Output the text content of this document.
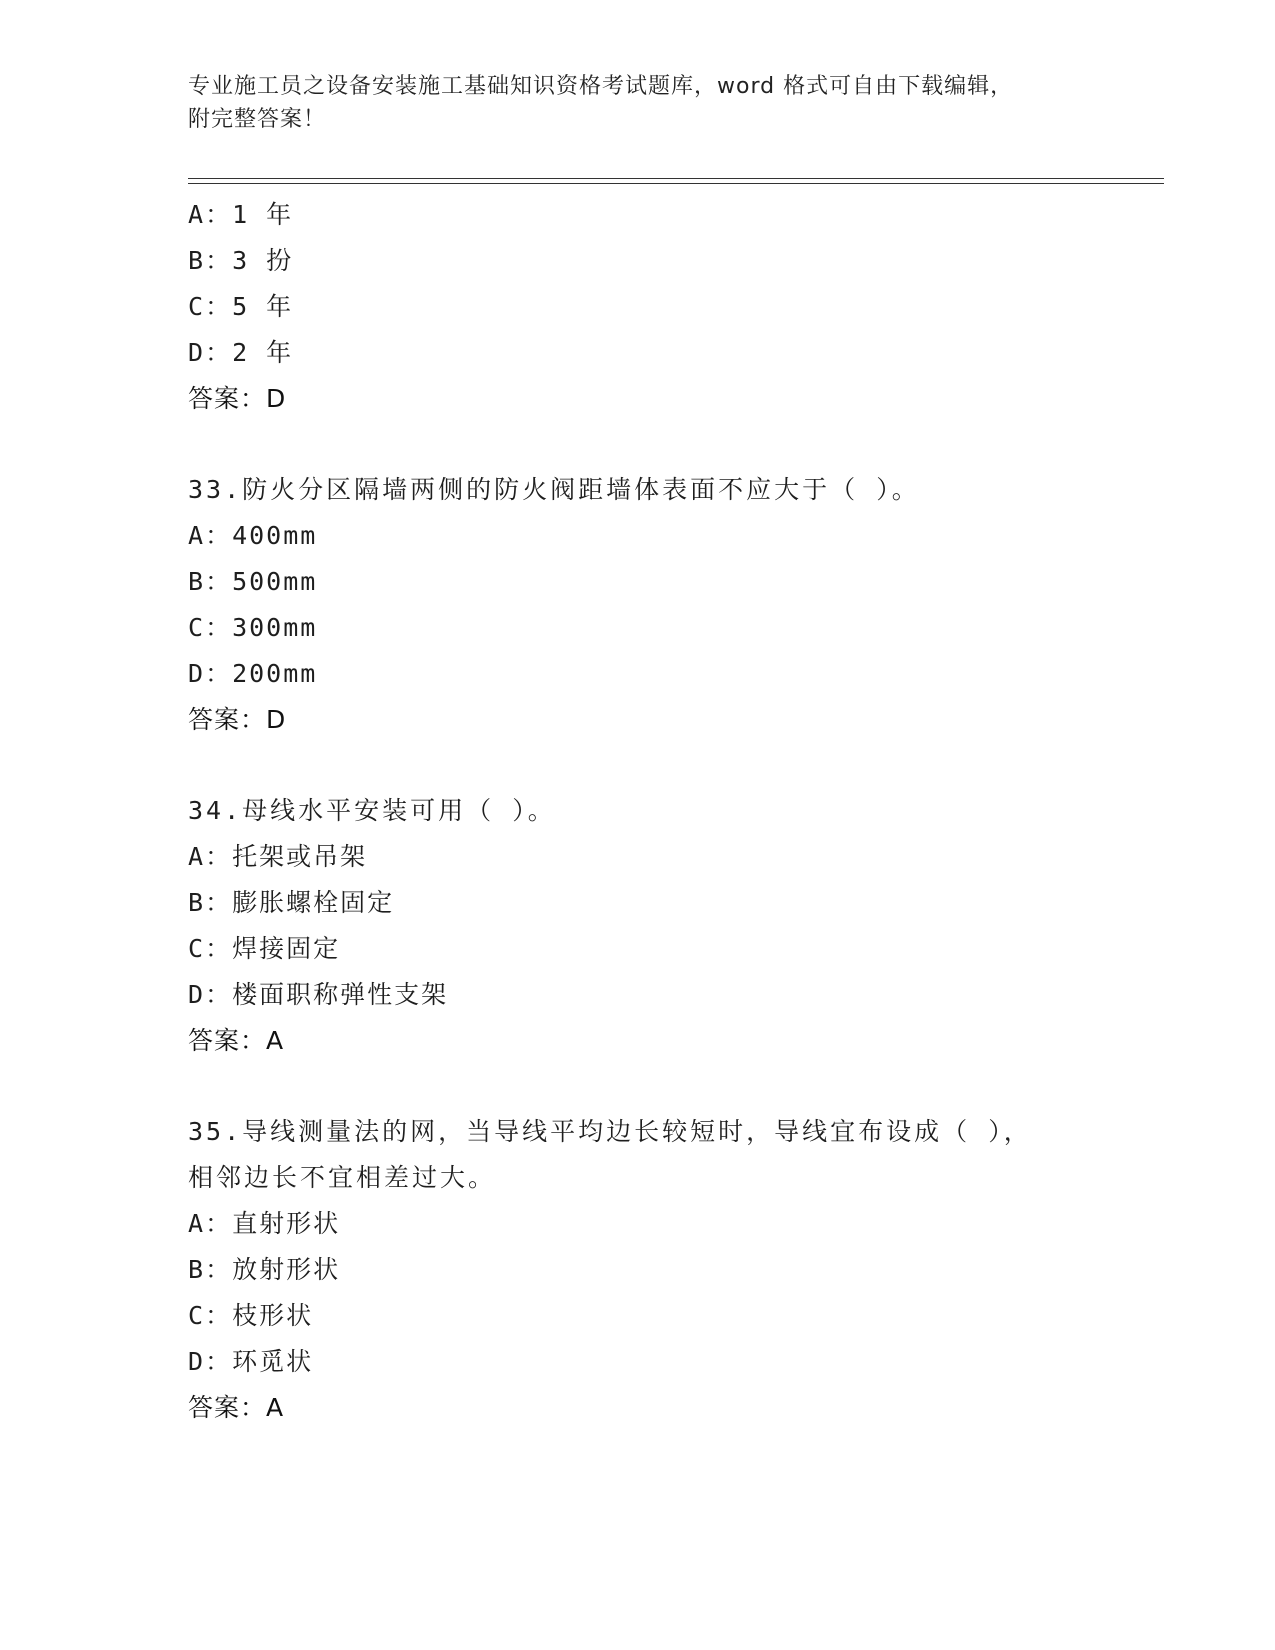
专业施工员之设备安装施工基础知识资格考试题库，word 格式可自由下载编辑，
附完整答案！
A：1 年
B：3 扮
C：5 年
D：2 年
答案：D
33.防火分区隔墙两侧的防火阀距墙体表面不应大于（ ）。
A：400mm
B：500mm
C：300mm
D：200mm
答案：D
34.母线水平安装可用（ ）。
A：托架或吊架
B：膨胀螺栓固定
C：焊接固定
D：楼面职称弹性支架
答案：A
35.导线测量法的网，当导线平均边长较短时，导线宜布设成（ ），
相邻边长不宜相差过大。
A：直射形状
B：放射形状
C：枝形状
D：环觅状
答案：A
